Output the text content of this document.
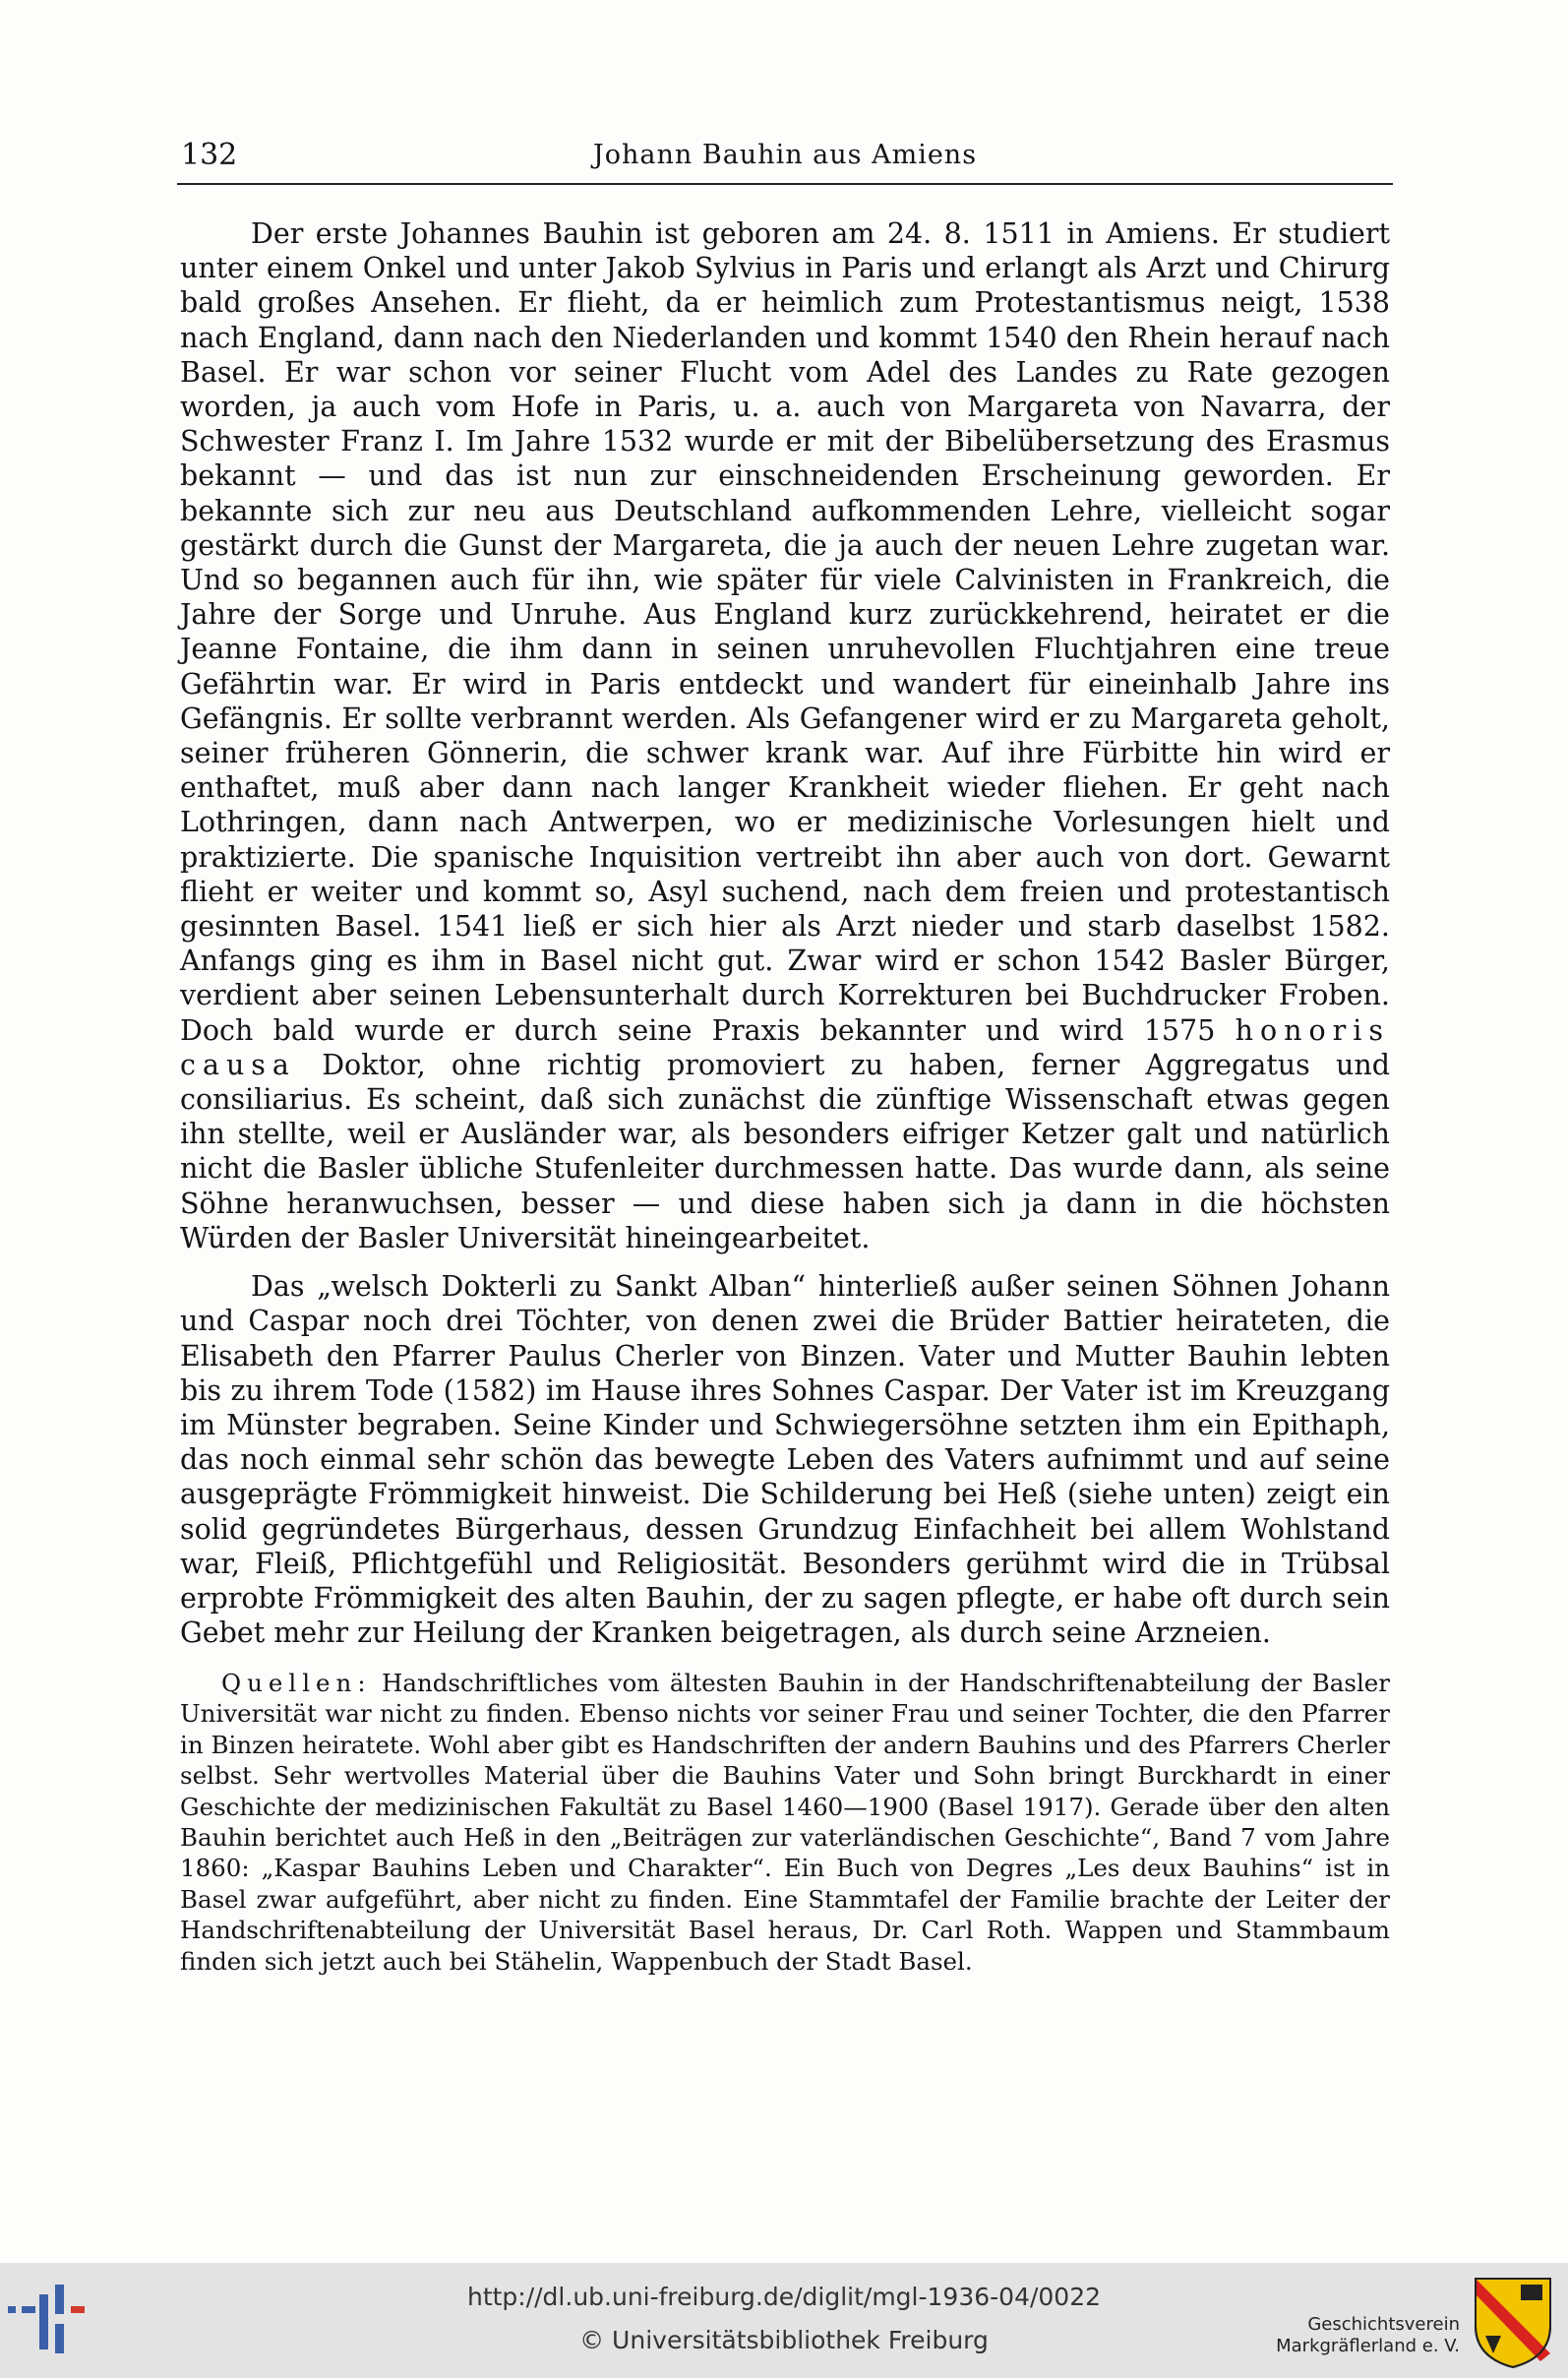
132	Johann Bauhin aus Amiens

Der erste Johannes Bauhin ist geboren am 24. 8. 1511 in Amiens. Er studiert unter einem Onkel und unter Jakob Sylvius in Paris und erlangt als Arzt und Chirurg bald großes Ansehen. Er flieht, da er heimlich zum Protestantismus neigt, 1538 nach England, dann nach den Niederlanden und kommt 1540 den Rhein herauf nach Basel. Er war schon vor seiner Flucht vom Adel des Landes zu Rate gezogen worden, ja auch vom Hofe in Paris, u. a. auch von Margareta von Navarra, der Schwester Franz I. Im Jahre 1532 wurde er mit der Bibelübersetzung des Erasmus bekannt — und das ist nun zur einschneidenden Erscheinung geworden. Er bekannte sich zur neu aus Deutschland aufkommenden Lehre, vielleicht sogar gestärkt durch die Gunst der Margareta, die ja auch der neuen Lehre zugetan war. Und so begannen auch für ihn, wie später für viele Calvinisten in Frankreich, die Jahre der Sorge und Unruhe. Aus England kurz zurückkehrend, heiratet er die Jeanne Fontaine, die ihm dann in seinen unruhevollen Fluchtjahren eine treue Gefährtin war. Er wird in Paris entdeckt und wandert für eineinhalb Jahre ins Gefängnis. Er sollte verbrannt werden. Als Gefangener wird er zu Margareta geholt, seiner früheren Gönnerin, die schwer krank war. Auf ihre Fürbitte hin wird er enthaftet, muß aber dann nach langer Krankheit wieder fliehen. Er geht nach Lothringen, dann nach Antwerpen, wo er medizinische Vorlesungen hielt und praktizierte. Die spanische Inquisition vertreibt ihn aber auch von dort. Gewarnt flieht er weiter und kommt so, Asyl suchend, nach dem freien und protestantisch gesinnten Basel. 1541 ließ er sich hier als Arzt nieder und starb daselbst 1582. Anfangs ging es ihm in Basel nicht gut. Zwar wird er schon 1542 Basler Bürger, verdient aber seinen Lebensunterhalt durch Korrekturen bei Buchdrucker Froben. Doch bald wurde er durch seine Praxis bekannter und wird 1575 honoris causa Doktor, ohne richtig promoviert zu haben, ferner Aggregatus und consiliarius. Es scheint, daß sich zunächst die zünftige Wissenschaft etwas gegen ihn stellte, weil er Ausländer war, als besonders eifriger Ketzer galt und natürlich nicht die Basler übliche Stufenleiter durchmessen hatte. Das wurde dann, als seine Söhne heranwuchsen, besser — und diese haben sich ja dann in die höchsten Würden der Basler Universität hineingearbeitet.

Das „welsch Dokterli zu Sankt Alban“ hinterließ außer seinen Söhnen Johann und Caspar noch drei Töchter, von denen zwei die Brüder Battier heirateten, die Elisabeth den Pfarrer Paulus Cherler von Binzen. Vater und Mutter Bauhin lebten bis zu ihrem Tode (1582) im Hause ihres Sohnes Caspar. Der Vater ist im Kreuzgang im Münster begraben. Seine Kinder und Schwiegersöhne setzten ihm ein Epithaph, das noch einmal sehr schön das bewegte Leben des Vaters aufnimmt und auf seine ausgeprägte Frömmigkeit hinweist. Die Schilderung bei Heß (siehe unten) zeigt ein solid gegründetes Bürgerhaus, dessen Grundzug Einfachheit bei allem Wohlstand war, Fleiß, Pflichtgefühl und Religiosität. Besonders gerühmt wird die in Trübsal erprobte Frömmigkeit des alten Bauhin, der zu sagen pflegte, er habe oft durch sein Gebet mehr zur Heilung der Kranken beigetragen, als durch seine Arzneien.

Quellen: Handschriftliches vom ältesten Bauhin in der Handschriftenabteilung der Basler Universität war nicht zu finden. Ebenso nichts vor seiner Frau und seiner Tochter, die den Pfarrer in Binzen heiratete. Wohl aber gibt es Handschriften der andern Bauhins und des Pfarrers Cherler selbst. Sehr wertvolles Material über die Bauhins Vater und Sohn bringt Burckhardt in einer Geschichte der medizinischen Fakultät zu Basel 1460—1900 (Basel 1917). Gerade über den alten Bauhin berichtet auch Heß in den „Beiträgen zur vaterländischen Geschichte“, Band 7 vom Jahre 1860: „Kaspar Bauhins Leben und Charakter“. Ein Buch von Degres „Les deux Bauhins“ ist in Basel zwar aufgeführt, aber nicht zu finden. Eine Stammtafel der Familie brachte der Leiter der Handschriftenabteilung der Universität Basel heraus, Dr. Carl Roth. Wappen und Stammbaum finden sich jetzt auch bei Stähelin, Wappenbuch der Stadt Basel.

http://dl.ub.uni-freiburg.de/diglit/mgl-1936-04/0022
© Universitätsbibliothek Freiburg
Geschichtsverein
Markgräflerland e. V.
